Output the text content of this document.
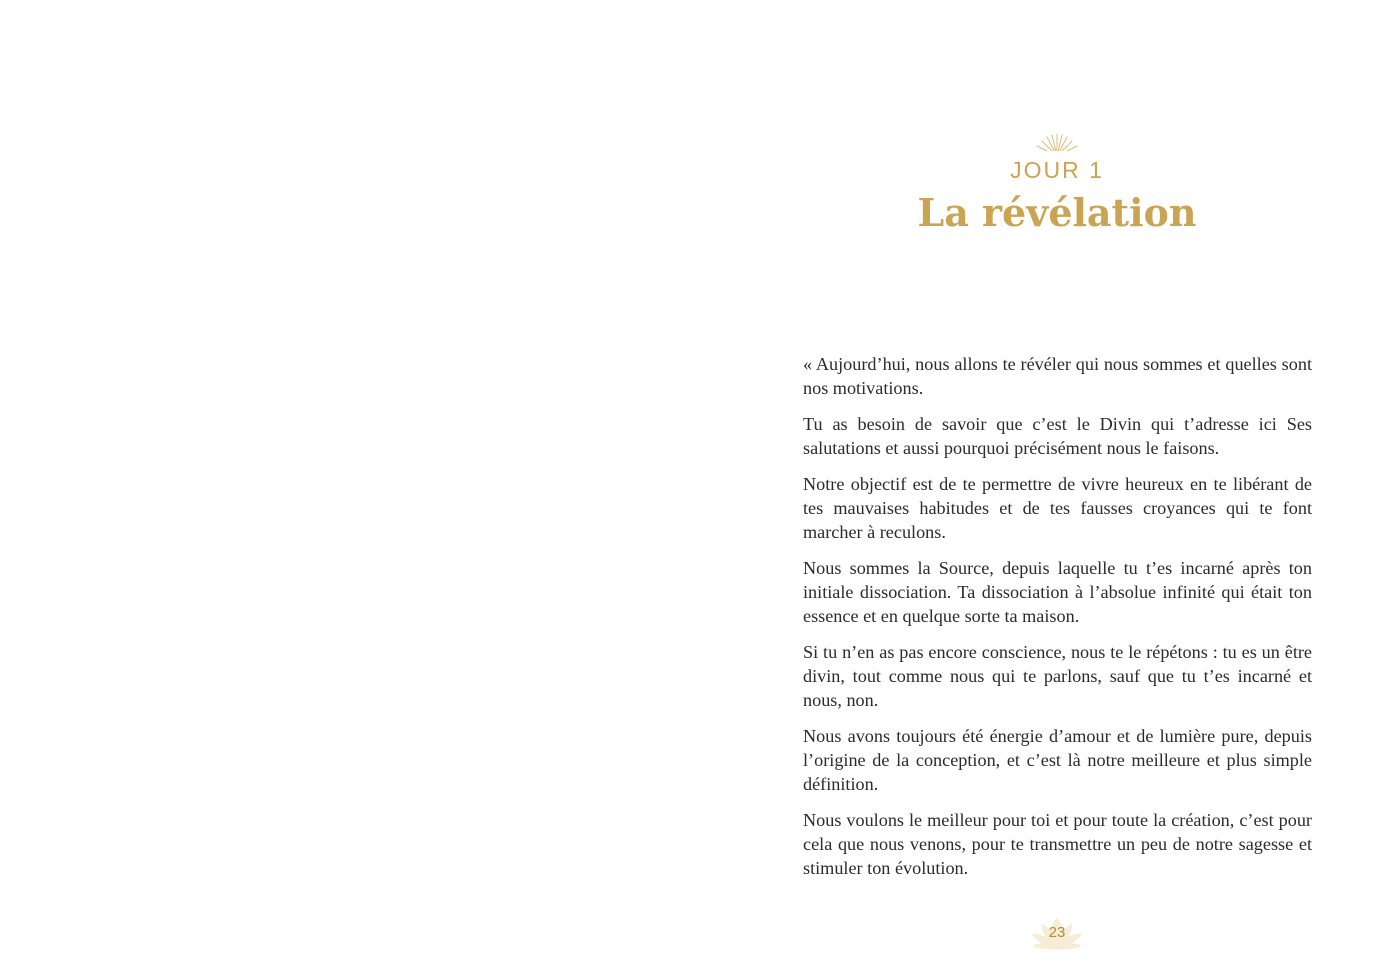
JOUR 1
La révélation

« Aujourd’hui, nous allons te révéler qui nous sommes et quelles sont nos motivations.

Tu as besoin de savoir que c’est le Divin qui t’adresse ici Ses salutations et aussi pourquoi précisément nous le faisons.

Notre objectif est de te permettre de vivre heureux en te libérant de tes mauvaises habitudes et de tes fausses croyances qui te font marcher à reculons.

Nous sommes la Source, depuis laquelle tu t’es incarné après ton initiale dissociation. Ta dissociation à l’absolue infinité qui était ton essence et en quelque sorte ta maison.

Si tu n’en as pas encore conscience, nous te le répétons : tu es un être divin, tout comme nous qui te parlons, sauf que tu t’es incarné et nous, non.

Nous avons toujours été énergie d’amour et de lumière pure, depuis l’origine de la conception, et c’est là notre meilleure et plus simple définition.

Nous voulons le meilleur pour toi et pour toute la création, c’est pour cela que nous venons, pour te transmettre un peu de notre sagesse et stimuler ton évolution.

23
